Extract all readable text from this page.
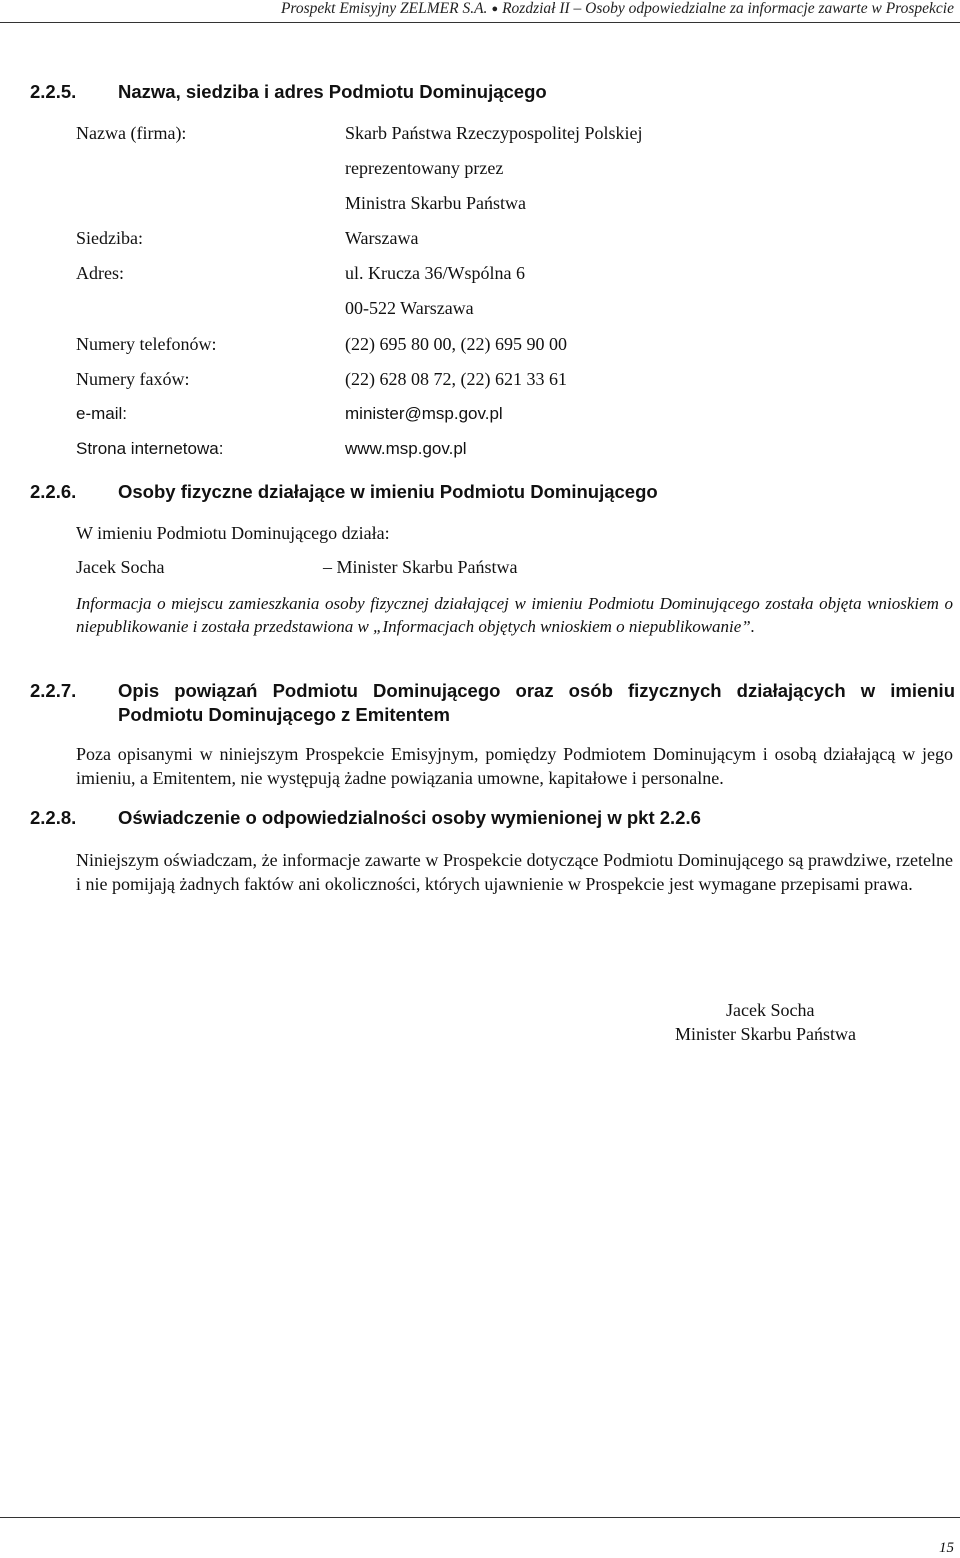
Prospekt Emisyjny ZELMER S.A. ● Rozdział II – Osoby odpowiedzialne za informacje zawarte w Prospekcie
2.2.5. Nazwa, siedziba i adres Podmiotu Dominującego
Nazwa (firma):	Skarb Państwa Rzeczypospolitej Polskiej
reprezentowany przez
Ministra Skarbu Państwa
Siedziba:	Warszawa
Adres:	ul. Krucza 36/Wspólna 6
00-522 Warszawa
Numery telefonów:	(22) 695 80 00, (22) 695 90 00
Numery faxów:	(22) 628 08 72, (22) 621 33 61
e-mail:	minister@msp.gov.pl
Strona internetowa:	www.msp.gov.pl
2.2.6. Osoby fizyczne działające w imieniu Podmiotu Dominującego
W imieniu Podmiotu Dominującego działa:
Jacek Socha	– Minister Skarbu Państwa
Informacja o miejscu zamieszkania osoby fizycznej działającej w imieniu Podmiotu Dominującego została objęta wnioskiem o niepublikowanie i została przedstawiona w „Informacjach objętych wnioskiem o niepublikowanie”.
2.2.7. Opis powiązań Podmiotu Dominującego oraz osób fizycznych działających w imieniu Podmiotu Dominującego z Emitentem
Poza opisanymi w niniejszym Prospekcie Emisyjnym, pomiędzy Podmiotem Dominującym i osobą działającą w jego imieniu, a Emitentem, nie występują żadne powiązania umowne, kapitałowe i personalne.
2.2.8. Oświadczenie o odpowiedzialności osoby wymienionej w pkt 2.2.6
Niniejszym oświadczam, że informacje zawarte w Prospekcie dotyczące Podmiotu Dominującego są prawdziwe, rzetelne i nie pomijają żadnych faktów ani okoliczności, których ujawnienie w Prospekcie jest wymagane przepisami prawa.
Jacek Socha
Minister Skarbu Państwa
15
